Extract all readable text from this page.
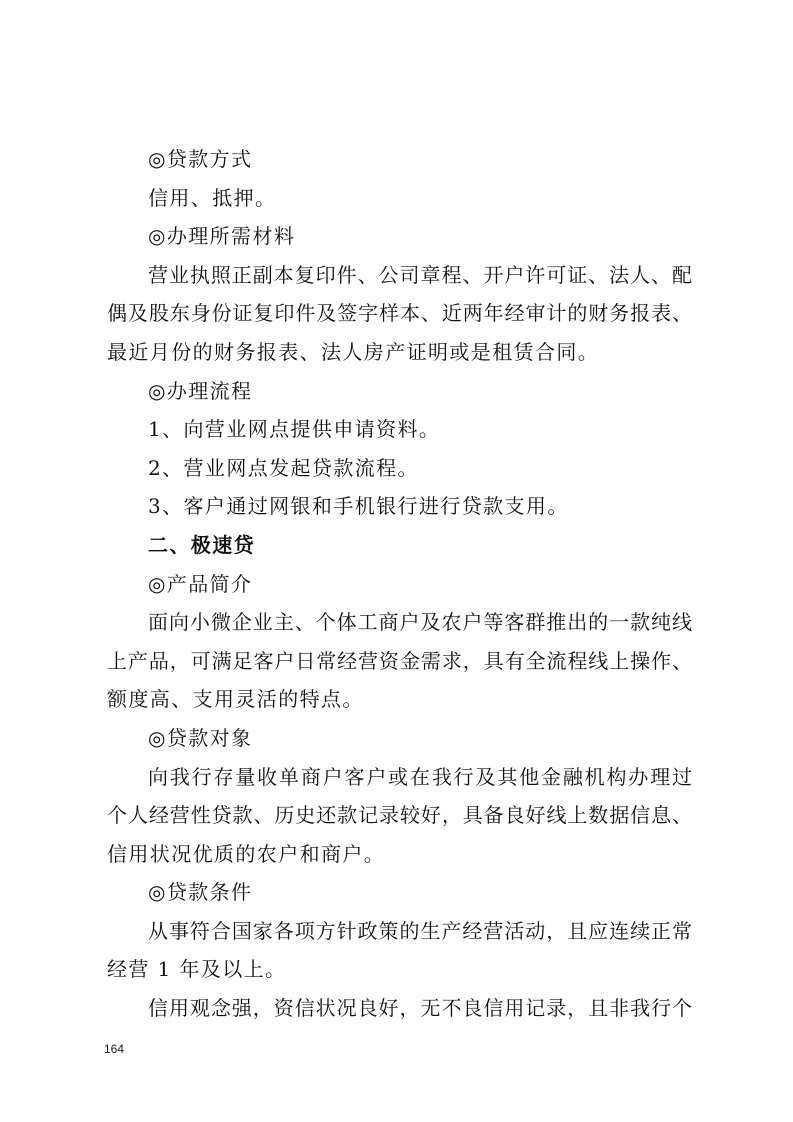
◎贷款方式
信用、抵押。
◎办理所需材料
营业执照正副本复印件、公司章程、开户许可证、法人、配
偶及股东身份证复印件及签字样本、近两年经审计的财务报表、
最近月份的财务报表、法人房产证明或是租赁合同。
◎办理流程
1、向营业网点提供申请资料。
2、营业网点发起贷款流程。
3、客户通过网银和手机银行进行贷款支用。
二、极速贷
◎产品简介
面向小微企业主、个体工商户及农户等客群推出的一款纯线
上产品，可满足客户日常经营资金需求，具有全流程线上操作、
额度高、支用灵活的特点。
◎贷款对象
向我行存量收单商户客户或在我行及其他金融机构办理过
个人经营性贷款、历史还款记录较好，具备良好线上数据信息、
信用状况优质的农户和商户。
◎贷款条件
从事符合国家各项方针政策的生产经营活动，且应连续正常
经营 1 年及以上。
信用观念强，资信状况良好，无不良信用记录，且非我行个
164
